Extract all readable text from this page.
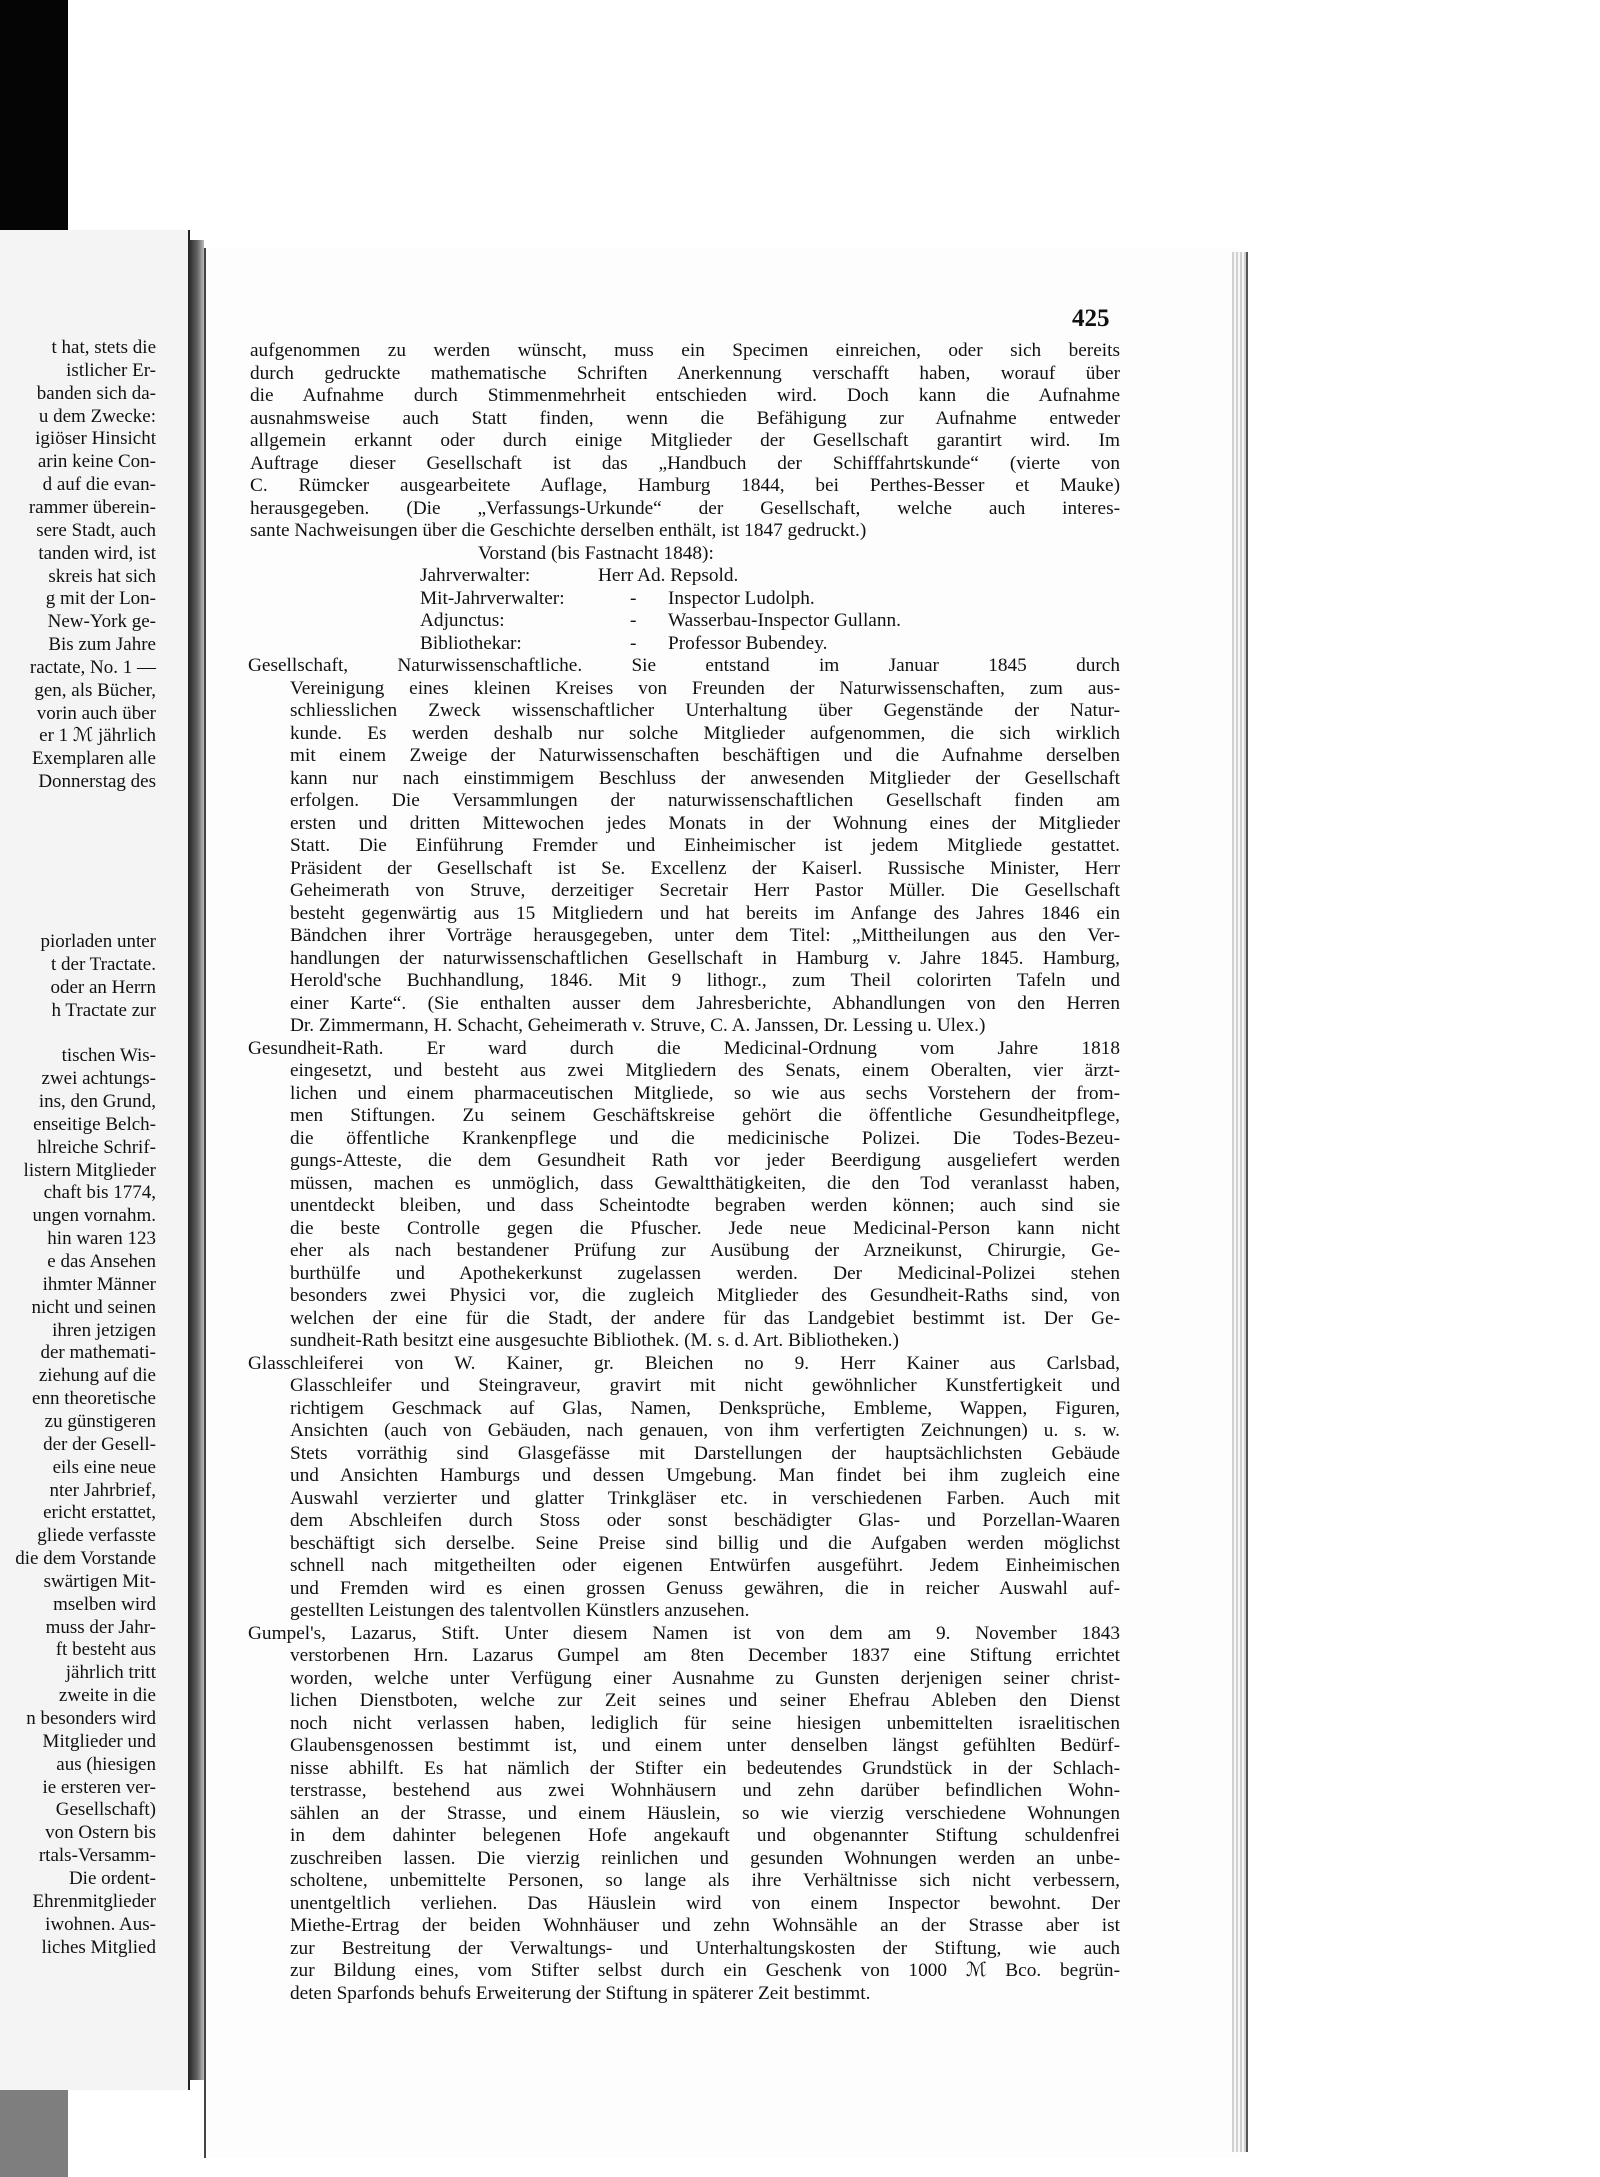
t hat, stets die
istlicher Er-
banden sich da-
u dem Zwecke:
igiöser Hinsicht
arin keine Con-
d auf die evan-
rammer überein-
sere Stadt, auch
tanden wird, ist
skreis hat sich
g mit der Lon-
New-York ge-
Bis zum Jahre
ractate, No. 1 —
gen, als Bücher,
vorin auch über
er 1 ℳ jährlich
Exemplaren alle
Donnerstag des
piorladen unter
t der Tractate.
oder an Herrn
h Tractate zur
tischen Wis-
zwei achtungs-
ins, den Grund,
enseitige Belch-
hlreiche Schrif-
listern Mitglieder
chaft bis 1774,
ungen vornahm.
hin waren 123
e das Ansehen
ihmter Männer
nicht und seinen
ihren jetzigen
der mathemati-
ziehung auf die
enn theoretische
zu günstigeren
der der Gesell-
eils eine neue
nter Jahrbrief,
ericht erstattet,
gliede verfasste
die dem Vorstande
swärtigen Mit-
mselben wird
muss der Jahr-
ft besteht aus
jährlich tritt
zweite in die
n besonders wird
Mitglieder und
aus (hiesigen
ie ersteren ver-
Gesellschaft)
von Ostern bis
rtals-Versamm-
Die ordent-
Ehrenmitglieder
iwohnen. Aus-
liches Mitglied
425
aufgenommen zu werden wünscht, muss ein Specimen einreichen, oder sich bereits
durch gedruckte mathematische Schriften Anerkennung verschafft haben, worauf über
die Aufnahme durch Stimmenmehrheit entschieden wird. Doch kann die Aufnahme
ausnahmsweise auch Statt finden, wenn die Befähigung zur Aufnahme entweder
allgemein erkannt oder durch einige Mitglieder der Gesellschaft garantirt wird. Im
Auftrage dieser Gesellschaft ist das „Handbuch der Schifffahrtskunde“ (vierte von
C. Rümcker ausgearbeitete Auflage, Hamburg 1844, bei Perthes-Besser et Mauke)
herausgegeben. (Die „Verfassungs-Urkunde“ der Gesellschaft, welche auch interes-
sante Nachweisungen über die Geschichte derselben enthält, ist 1847 gedruckt.)
Vorstand (bis Fastnacht 1848):
Jahrverwalter:	Herr Ad. Repsold.
Mit-Jahrverwalter:	- Inspector Ludolph.
Adjunctus:	- Wasserbau-Inspector Gullann.
Bibliothekar:	- Professor Bubendey.
Gesellschaft, Naturwissenschaftliche. Sie entstand im Januar 1845 durch
Vereinigung eines kleinen Kreises von Freunden der Naturwissenschaften, zum aus-
schliesslichen Zweck wissenschaftlicher Unterhaltung über Gegenstände der Natur-
kunde. Es werden deshalb nur solche Mitglieder aufgenommen, die sich wirklich
mit einem Zweige der Naturwissenschaften beschäftigen und die Aufnahme derselben
kann nur nach einstimmigem Beschluss der anwesenden Mitglieder der Gesellschaft
erfolgen. Die Versammlungen der naturwissenschaftlichen Gesellschaft finden am
ersten und dritten Mittewochen jedes Monats in der Wohnung eines der Mitglieder
Statt. Die Einführung Fremder und Einheimischer ist jedem Mitgliede gestattet.
Präsident der Gesellschaft ist Se. Excellenz der Kaiserl. Russische Minister, Herr
Geheimerath von Struve, derzeitiger Secretair Herr Pastor Müller. Die Gesellschaft
besteht gegenwärtig aus 15 Mitgliedern und hat bereits im Anfange des Jahres 1846 ein
Bändchen ihrer Vorträge herausgegeben, unter dem Titel: „Mittheilungen aus den Ver-
handlungen der naturwissenschaftlichen Gesellschaft in Hamburg v. Jahre 1845. Hamburg,
Herold'sche Buchhandlung, 1846. Mit 9 lithogr., zum Theil colorirten Tafeln und
einer Karte“. (Sie enthalten ausser dem Jahresberichte, Abhandlungen von den Herren
Dr. Zimmermann, H. Schacht, Geheimerath v. Struve, C. A. Janssen, Dr. Lessing u. Ulex.)
Gesundheit-Rath. Er ward durch die Medicinal-Ordnung vom Jahre 1818
eingesetzt, und besteht aus zwei Mitgliedern des Senats, einem Oberalten, vier ärzt-
lichen und einem pharmaceutischen Mitgliede, so wie aus sechs Vorstehern der from-
men Stiftungen. Zu seinem Geschäftskreise gehört die öffentliche Gesundheitpflege,
die öffentliche Krankenpflege und die medicinische Polizei. Die Todes-Bezeu-
gungs-Atteste, die dem Gesundheit Rath vor jeder Beerdigung ausgeliefert werden
müssen, machen es unmöglich, dass Gewaltthätigkeiten, die den Tod veranlasst haben,
unentdeckt bleiben, und dass Scheintodte begraben werden können; auch sind sie
die beste Controlle gegen die Pfuscher. Jede neue Medicinal-Person kann nicht
eher als nach bestandener Prüfung zur Ausübung der Arzneikunst, Chirurgie, Ge-
burthülfe und Apothekerkunst zugelassen werden. Der Medicinal-Polizei stehen
besonders zwei Physici vor, die zugleich Mitglieder des Gesundheit-Raths sind, von
welchen der eine für die Stadt, der andere für das Landgebiet bestimmt ist. Der Ge-
sundheit-Rath besitzt eine ausgesuchte Bibliothek. (M. s. d. Art. Bibliotheken.)
Glasschleiferei von W. Kainer, gr. Bleichen no 9. Herr Kainer aus Carlsbad,
Glasschleifer und Steingraveur, gravirt mit nicht gewöhnlicher Kunstfertigkeit und
richtigem Geschmack auf Glas, Namen, Denksprüche, Embleme, Wappen, Figuren,
Ansichten (auch von Gebäuden, nach genauen, von ihm verfertigten Zeichnungen) u. s. w.
Stets vorräthig sind Glasgefässe mit Darstellungen der hauptsächlichsten Gebäude
und Ansichten Hamburgs und dessen Umgebung. Man findet bei ihm zugleich eine
Auswahl verzierter und glatter Trinkgläser etc. in verschiedenen Farben. Auch mit
dem Abschleifen durch Stoss oder sonst beschädigter Glas- und Porzellan-Waaren
beschäftigt sich derselbe. Seine Preise sind billig und die Aufgaben werden möglichst
schnell nach mitgetheilten oder eigenen Entwürfen ausgeführt. Jedem Einheimischen
und Fremden wird es einen grossen Genuss gewähren, die in reicher Auswahl auf-
gestellten Leistungen des talentvollen Künstlers anzusehen.
Gumpel's, Lazarus, Stift. Unter diesem Namen ist von dem am 9. November 1843
verstorbenen Hrn. Lazarus Gumpel am 8ten December 1837 eine Stiftung errichtet
worden, welche unter Verfügung einer Ausnahme zu Gunsten derjenigen seiner christ-
lichen Dienstboten, welche zur Zeit seines und seiner Ehefrau Ableben den Dienst
noch nicht verlassen haben, lediglich für seine hiesigen unbemittelten israelitischen
Glaubensgenossen bestimmt ist, und einem unter denselben längst gefühlten Bedürf-
nisse abhilft. Es hat nämlich der Stifter ein bedeutendes Grundstück in der Schlach-
terstrasse, bestehend aus zwei Wohnhäusern und zehn darüber befindlichen Wohn-
sählen an der Strasse, und einem Häuslein, so wie vierzig verschiedene Wohnungen
in dem dahinter belegenen Hofe angekauft und obgenannter Stiftung schuldenfrei
zuschreiben lassen. Die vierzig reinlichen und gesunden Wohnungen werden an unbe-
scholtene, unbemittelte Personen, so lange als ihre Verhältnisse sich nicht verbessern,
unentgeltlich verliehen. Das Häuslein wird von einem Inspector bewohnt. Der
Miethe-Ertrag der beiden Wohnhäuser und zehn Wohnsähle an der Strasse aber ist
zur Bestreitung der Verwaltungs- und Unterhaltungskosten der Stiftung, wie auch
zur Bildung eines, vom Stifter selbst durch ein Geschenk von 1000 ℳ Bco. begrün-
deten Sparfonds behufs Erweiterung der Stiftung in späterer Zeit bestimmt.
